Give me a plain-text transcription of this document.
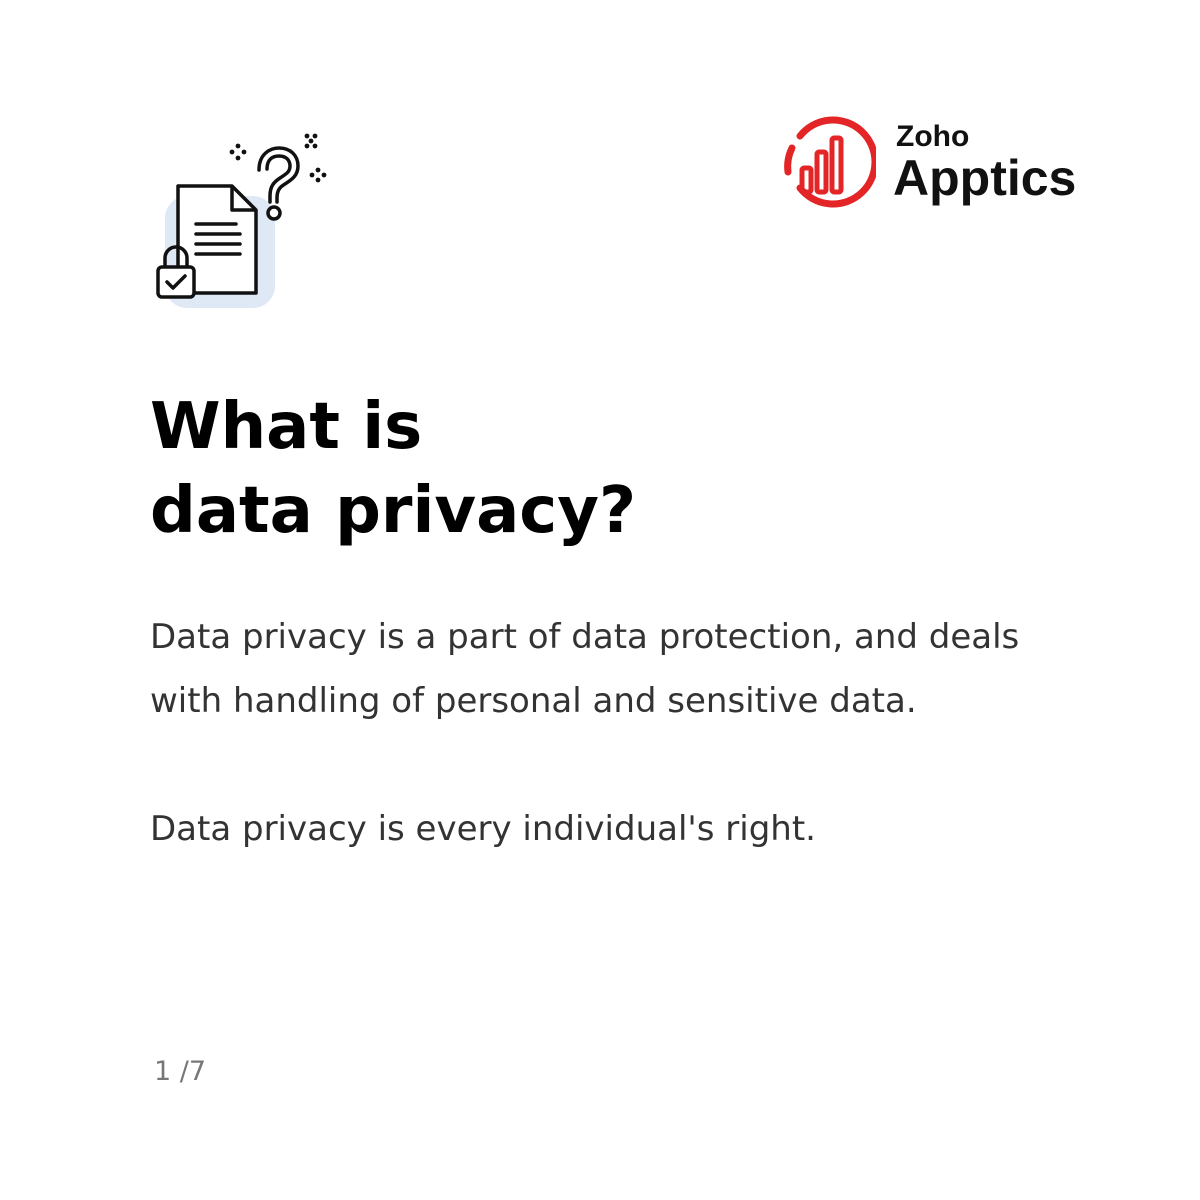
Zoho
Apptics
What is
data privacy?

Data privacy is a part of data protection, and deals with handling of personal and sensitive data.

Data privacy is every individual's right.

1 /7
